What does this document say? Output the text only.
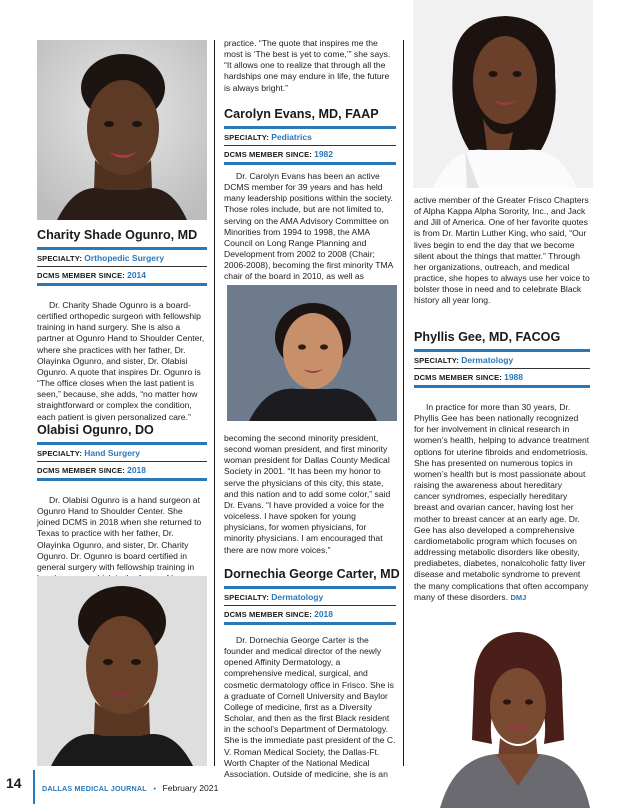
Charity Shade Ogunro, MD

SPECIALTY: Orthopedic Surgery

DCMS MEMBER SINCE: 2014

Dr. Charity Shade Ogunro is a board-certified orthopedic surgeon with fellowship training in hand surgery. She is also a partner at Ogunro Hand to Shoulder Center, where she practices with her father, Dr. Olayinka Ogunro, and sister, Dr. Olabisi Ogunro. A quote that inspires Dr. Ogunro is “The office closes when the last patient is seen,” because, she adds, “no matter how straightforward or complex the condition, each patient is given personalized care.”

Olabisi Ogunro, DO

SPECIALTY: Hand Surgery

DCMS MEMBER SINCE: 2018

Dr. Olabisi Ogunro is a hand surgeon at Ogunro Hand to Shoulder Center. She joined DCMS in 2018 when she returned to Texas to practice with her father, Dr. Olayinka Ogunro, and sister, Dr. Charity Ogunro. Dr. Ogunro is board certified in general surgery with fellowship training in

practice. “The quote that inspires me the most is ‘The best is yet to come,’” she says. “It allows one to realize that through all the hardships one may endure in life, the future is always bright.”

Carolyn Evans, MD, FAAP

SPECIALTY: Pediatrics

DCMS MEMBER SINCE: 1982

Dr. Carolyn Evans has been an active DCMS member for 39 years and has held many leadership positions within the society. Those roles include, but are not limited to, serving on the AMA Advisory Committee on Minorities from 1994 to 1998, the AMA Council on Long Range Planning and Development from 2002 to 2008 (Chair; 2006-2008), becoming the first minority TMA chair of the board in 2010, as well as

becoming the second minority president, second woman president, and first minority woman president for Dallas County Medical Society in 2001. “It has been my honor to serve the physicians of this city, this state, and this nation and to add some color,” said Dr. Evans. “I have provided a voice for the voiceless. I have spoken for young physicians, for women physicians, for minority physicians. I am encouraged that there are now more voices.”

Dornechia George Carter, MD

SPECIALTY: Dermatology

DCMS MEMBER SINCE: 2018

Dr. Dornechia George Carter is the founder and medical director of the newly opened Affinity Dermatology, a comprehensive medical, surgical, and cosmetic dermatology office in Frisco. She is a graduate of Cornell University and Baylor College of medicine, first as a Diversity Scholar, and then as the first Black resident in the school’s Department of Dermatology. She is the immediate past president of the C. V. Roman Medical Society, the Dallas-Ft. Worth Chapter of the National Medical Association. Outside of medicine, she is an

active member of the Greater Frisco Chapters of Alpha Kappa Alpha Sorority, Inc., and Jack and Jill of America. One of her favorite quotes is from Dr. Martin Luther King, who said, “Our lives begin to end the day that we become silent about the things that matter.” Through her organizations, outreach, and medical practice, she hopes to always use her voice to bolster those in need and to celebrate Black history all year long.

Phyllis Gee, MD, FACOG

SPECIALTY: Dermatology

DCMS MEMBER SINCE: 1988

In practice for more than 30 years, Dr. Phyllis Gee has been nationally recognized for her involvement in clinical research in women’s health, helping to advance treatment options for uterine fibroids and endometriosis. She has presented on numerous topics in women’s health but is most passionate about raising the awareness about hereditary cancer syndromes, especially hereditary breast and ovarian cancer, having lost her mother to breast cancer at an early age. Dr. Gee has also developed a comprehensive cardiometabolic program which focuses on addressing metabolic disorders like obesity, prediabetes, diabetes, nonalcoholic fatty liver disease and metabolic syndrome to prevent the many complications that often accompany many of these disorders. DMJ

14	DALLAS MEDICAL JOURNAL • February 2021
